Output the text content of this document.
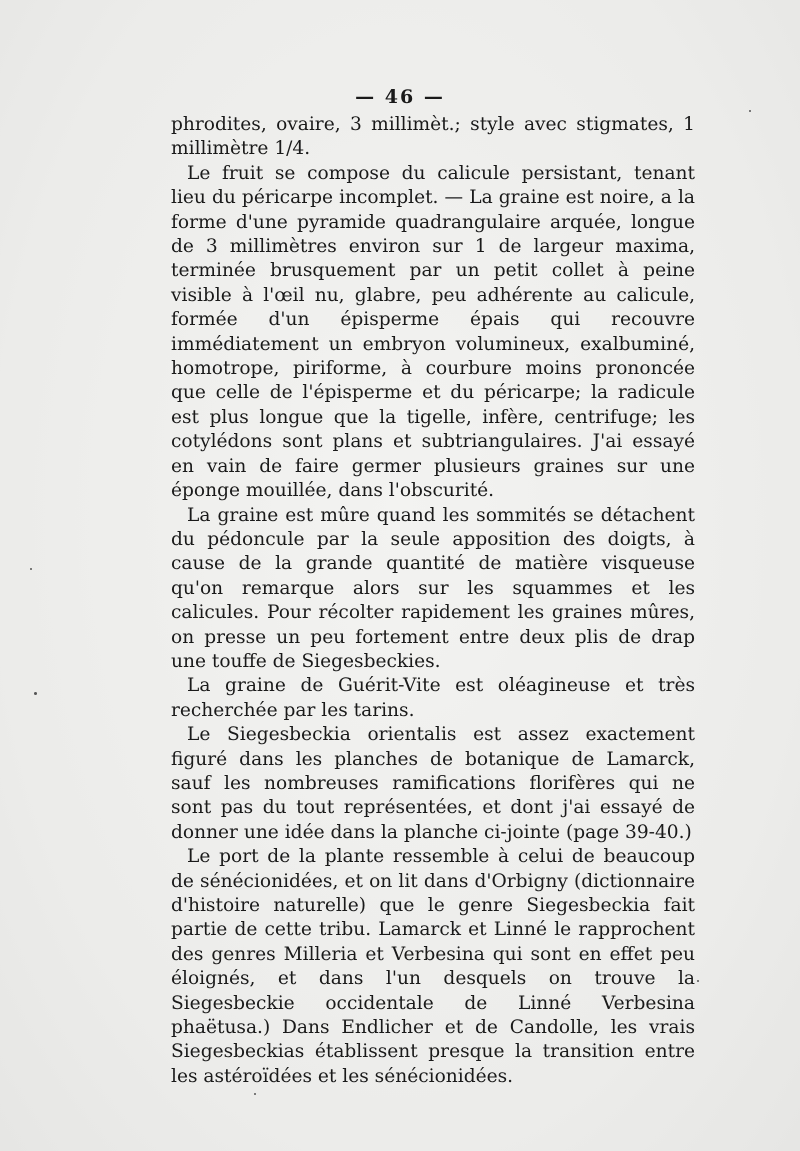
— 46 —

phrodites, ovaire, 3 millimèt.; style avec stigmates, 1 millimètre 1/4.

Le fruit se compose du calicule persistant, tenant lieu du péricarpe incomplet. — La graine est noire, a la forme d'une pyramide quadrangulaire arquée, longue de 3 millimètres environ sur 1 de largeur maxima, terminée brusquement par un petit collet à peine visible à l'œil nu, glabre, peu adhérente au calicule, formée d'un épisperme épais qui recouvre immédiatement un embryon volumineux, exalbuminé, homotrope, piriforme, à courbure moins prononcée que celle de l'épisperme et du péricarpe; la radicule est plus longue que la tigelle, infère, centrifuge; les cotylédons sont plans et subtriangulaires. J'ai essayé en vain de faire germer plusieurs graines sur une éponge mouillée, dans l'obscurité.

La graine est mûre quand les sommités se détachent du pédoncule par la seule apposition des doigts, à cause de la grande quantité de matière visqueuse qu'on remarque alors sur les squammes et les calicules. Pour récolter rapidement les graines mûres, on presse un peu fortement entre deux plis de drap une touffe de Siegesbeckies.

La graine de Guérit-Vite est oléagineuse et très recherchée par les tarins.

Le Siegesbeckia orientalis est assez exactement figuré dans les planches de botanique de Lamarck, sauf les nombreuses ramifications florifères qui ne sont pas du tout représentées, et dont j'ai essayé de donner une idée dans la planche ci-jointe (page 39-40.)

Le port de la plante ressemble à celui de beaucoup de sénécionidées, et on lit dans d'Orbigny (dictionnaire d'histoire naturelle) que le genre Siegesbeckia fait partie de cette tribu. Lamarck et Linné le rapprochent des genres Milleria et Verbesina qui sont en effet peu éloignés, et dans l'un desquels on trouve la Siegesbeckie occidentale de Linné Verbesina phaëtusa.) Dans Endlicher et de Candolle, les vrais Siegesbeckias établissent presque la transition entre les astéroïdées et les sénécionidées.
